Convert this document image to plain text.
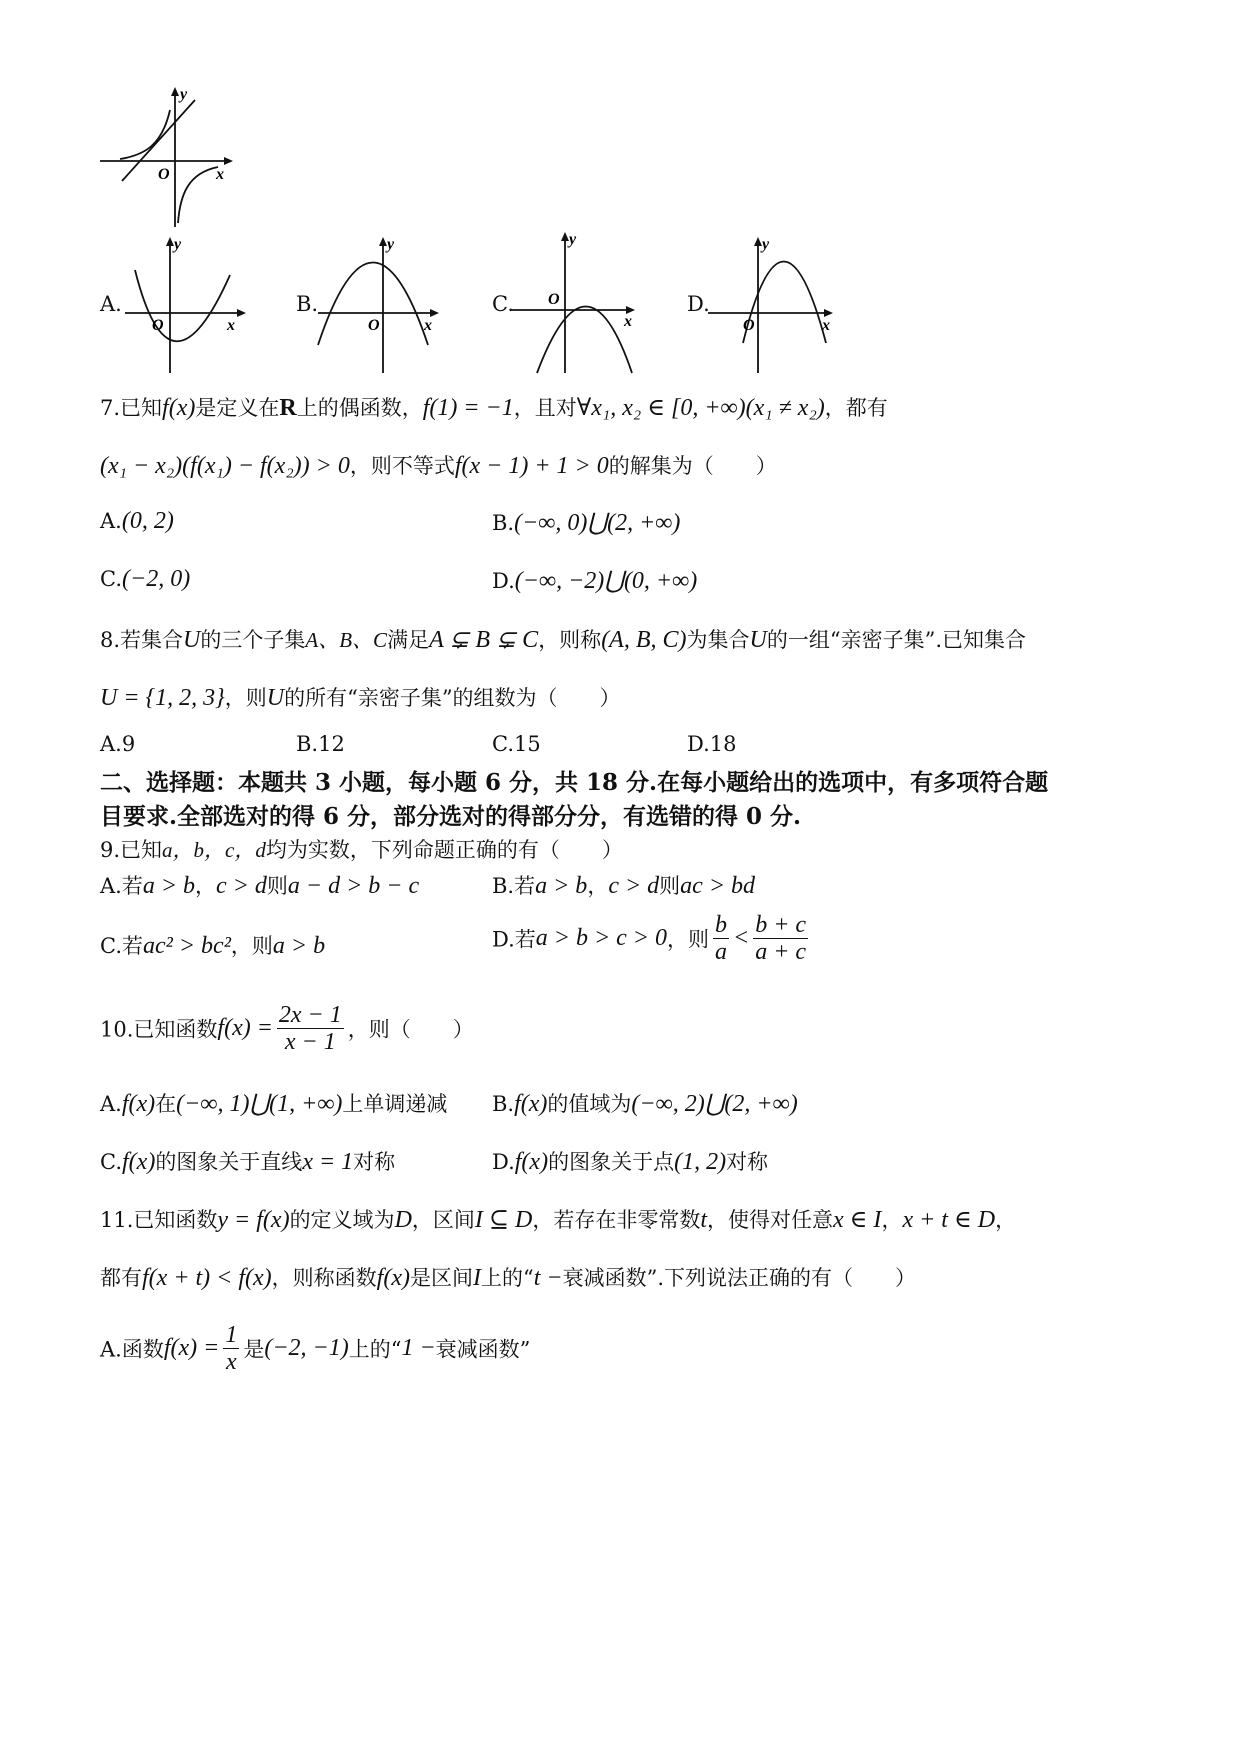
y
x
O
A.
y
x
O
B.
y
x
O
C.
y
x
O	D.
y
x
O
7.已知f(x)是定义在R上的偶函数，f(1) = −1，且对∀x₁, x₂ ∈ [0, +∞)(x₁ ≠ x₂)，都有
(x₁ − x₂)(f(x₁) − f(x₂)) > 0，则不等式f(x − 1) + 1 > 0的解集为（　　）
A.(0, 2)	B.(−∞, 0)⋃(2, +∞)
C.(−2, 0)	D.(−∞, −2)⋃(0, +∞)
8.若集合U的三个子集A、B、C满足A ⊊ B ⊊ C，则称(A, B, C)为集合U的一组“亲密子集”.已知集合
U = {1, 2, 3}，则U的所有“亲密子集”的组数为（　　）
A.9	B.12	C.15	D.18
二、选择题：本题共 3 小题，每小题 6 分，共 18 分.在每小题给出的选项中，有多项符合题
目要求.全部选对的得 6 分，部分选对的得部分分，有选错的得 0 分.
9.已知a，b，c，d均为实数，下列命题正确的有（　　）
A.若a > b，c > d则a − d > b − c	B.若a > b，c > d则ac > bd
C.若ac² > bc²，则a > b	D.若a > b > c > 0，则 $\frac{b}{a} < \frac{b + c}{a + c}$
10.已知函数$f(x) = \frac{2x - 1}{x - 1}$ ，则（　　）
A.f(x)在(−∞, 1)⋃(1, +∞)上单调递减 B.f(x)的值域为(−∞, 2)⋃(2, +∞)
C.f(x)的图象关于直线x = 1对称	D.f(x)的图象关于点(1, 2)对称
11.已知函数y = f(x)的定义域为D，区间I ⊆ D，若存在非零常数t，使得对任意x ∈ I，x + t ∈ D，
都有f(x + t) < f(x)，则称函数f(x)是区间I上的“t −衰减函数”.下列说法正确的有（　　）
A.函数$f(x) = \frac{1}{x}$ 是(−2, −1)上的“1 −衰减函数”
